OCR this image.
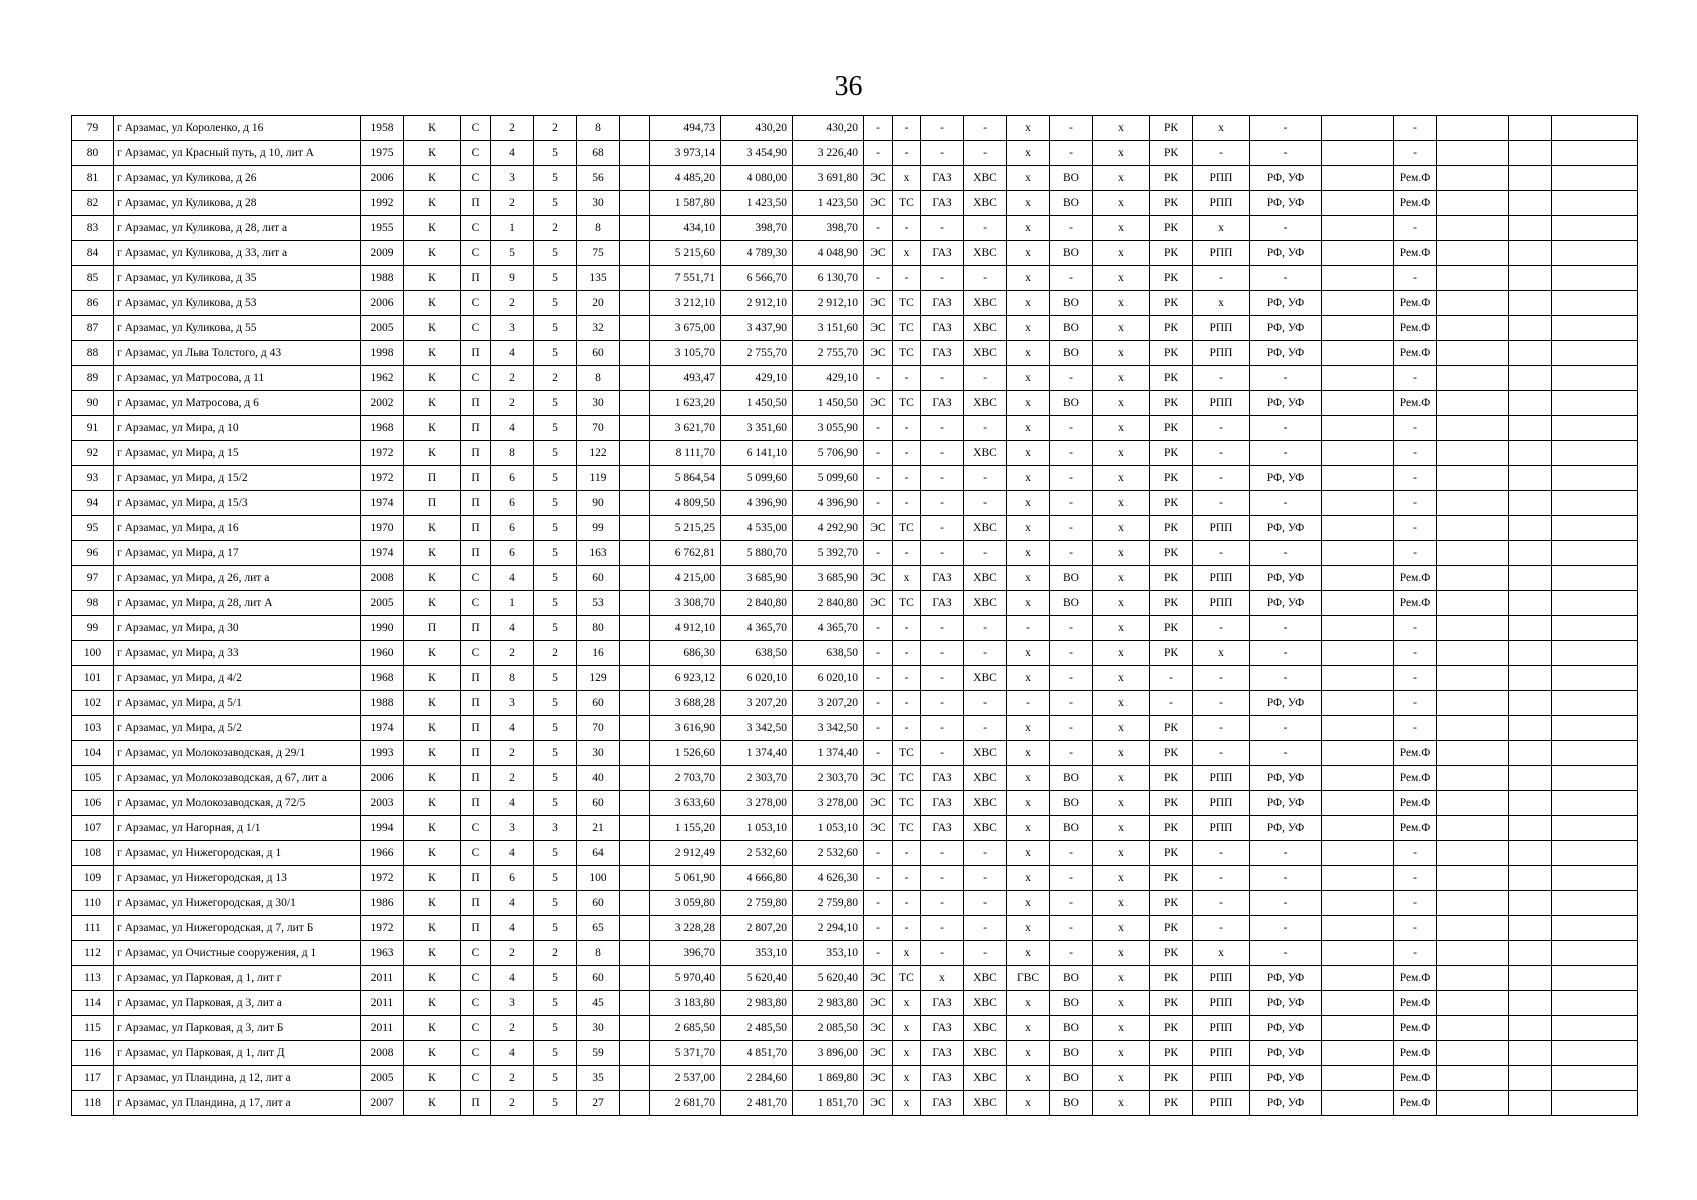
36
79	г Арзамас, ул Короленко, д 16	1958	К	С	2	2	8		494,73	430,20	430,20	-	-	-	-	х	-	х	РК	х	-		-			
80	г Арзамас, ул Красный путь, д 10, лит А	1975	К	С	4	5	68		3 973,14	3 454,90	3 226,40	-	-	-	-	х	-	х	РК	-	-		-			
81	г Арзамас, ул Куликова, д 26	2006	К	С	3	5	56		4 485,20	4 080,00	3 691,80	ЭС	х	ГАЗ	ХВС	х	ВО	х	РК	РПП	РФ, УФ		Рем.Ф			
82	г Арзамас, ул Куликова, д 28	1992	К	П	2	5	30		1 587,80	1 423,50	1 423,50	ЭС	ТС	ГАЗ	ХВС	х	ВО	х	РК	РПП	РФ, УФ		Рем.Ф			
83	г Арзамас, ул Куликова, д 28, лит а	1955	К	С	1	2	8		434,10	398,70	398,70	-	-	-	-	х	-	х	РК	х	-		-			
84	г Арзамас, ул Куликова, д 33, лит а	2009	К	С	5	5	75		5 215,60	4 789,30	4 048,90	ЭС	х	ГАЗ	ХВС	х	ВО	х	РК	РПП	РФ, УФ		Рем.Ф			
85	г Арзамас, ул Куликова, д 35	1988	К	П	9	5	135		7 551,71	6 566,70	6 130,70	-	-	-	-	х	-	х	РК	-	-		-			
86	г Арзамас, ул Куликова, д 53	2006	К	С	2	5	20		3 212,10	2 912,10	2 912,10	ЭС	ТС	ГАЗ	ХВС	х	ВО	х	РК	х	РФ, УФ		Рем.Ф			
87	г Арзамас, ул Куликова, д 55	2005	К	С	3	5	32		3 675,00	3 437,90	3 151,60	ЭС	ТС	ГАЗ	ХВС	х	ВО	х	РК	РПП	РФ, УФ		Рем.Ф			
88	г Арзамас, ул Льва Толстого, д 43	1998	К	П	4	5	60		3 105,70	2 755,70	2 755,70	ЭС	ТС	ГАЗ	ХВС	х	ВО	х	РК	РПП	РФ, УФ		Рем.Ф			
89	г Арзамас, ул Матросова, д 11	1962	К	С	2	2	8		493,47	429,10	429,10	-	-	-	-	х	-	х	РК	-	-		-			
90	г Арзамас, ул Матросова, д 6	2002	К	П	2	5	30		1 623,20	1 450,50	1 450,50	ЭС	ТС	ГАЗ	ХВС	х	ВО	х	РК	РПП	РФ, УФ		Рем.Ф			
91	г Арзамас, ул Мира, д 10	1968	К	П	4	5	70		3 621,70	3 351,60	3 055,90	-	-	-	-	х	-	х	РК	-	-		-			
92	г Арзамас, ул Мира, д 15	1972	К	П	8	5	122		8 111,70	6 141,10	5 706,90	-	-	-	ХВС	х	-	х	РК	-	-		-			
93	г Арзамас, ул Мира, д 15/2	1972	П	П	6	5	119		5 864,54	5 099,60	5 099,60	-	-	-	-	х	-	х	РК	-	РФ, УФ		-			
94	г Арзамас, ул Мира, д 15/3	1974	П	П	6	5	90		4 809,50	4 396,90	4 396,90	-	-	-	-	х	-	х	РК	-	-		-			
95	г Арзамас, ул Мира, д 16	1970	К	П	6	5	99		5 215,25	4 535,00	4 292,90	ЭС	ТС	-	ХВС	х	-	х	РК	РПП	РФ, УФ		-			
96	г Арзамас, ул Мира, д 17	1974	К	П	6	5	163		6 762,81	5 880,70	5 392,70	-	-	-	-	х	-	х	РК	-	-		-			
97	г Арзамас, ул Мира, д 26, лит а	2008	К	С	4	5	60		4 215,00	3 685,90	3 685,90	ЭС	х	ГАЗ	ХВС	х	ВО	х	РК	РПП	РФ, УФ		Рем.Ф			
98	г Арзамас, ул Мира, д 28, лит А	2005	К	С	1	5	53		3 308,70	2 840,80	2 840,80	ЭС	ТС	ГАЗ	ХВС	х	ВО	х	РК	РПП	РФ, УФ		Рем.Ф			
99	г Арзамас, ул Мира, д 30	1990	П	П	4	5	80		4 912,10	4 365,70	4 365,70	-	-	-	-	-	-	х	РК	-	-		-			
100	г Арзамас, ул Мира, д 33	1960	К	С	2	2	16		686,30	638,50	638,50	-	-	-	-	х	-	х	РК	х	-		-			
101	г Арзамас, ул Мира, д 4/2	1968	К	П	8	5	129		6 923,12	6 020,10	6 020,10	-	-	-	ХВС	х	-	х	-	-	-		-			
102	г Арзамас, ул Мира, д 5/1	1988	К	П	3	5	60		3 688,28	3 207,20	3 207,20	-	-	-	-	-	-	х	-	-	РФ, УФ		-			
103	г Арзамас, ул Мира, д 5/2	1974	К	П	4	5	70		3 616,90	3 342,50	3 342,50	-	-	-	-	х	-	х	РК	-	-		-			
104	г Арзамас, ул Молокозаводская, д 29/1	1993	К	П	2	5	30		1 526,60	1 374,40	1 374,40	-	ТС	-	ХВС	х	-	х	РК	-	-		Рем.Ф			
105	г Арзамас, ул Молокозаводская, д 67, лит а	2006	К	П	2	5	40		2 703,70	2 303,70	2 303,70	ЭС	ТС	ГАЗ	ХВС	х	ВО	х	РК	РПП	РФ, УФ		Рем.Ф			
106	г Арзамас, ул Молокозаводская, д 72/5	2003	К	П	4	5	60		3 633,60	3 278,00	3 278,00	ЭС	ТС	ГАЗ	ХВС	х	ВО	х	РК	РПП	РФ, УФ		Рем.Ф			
107	г Арзамас, ул Нагорная, д 1/1	1994	К	С	3	3	21		1 155,20	1 053,10	1 053,10	ЭС	ТС	ГАЗ	ХВС	х	ВО	х	РК	РПП	РФ, УФ		Рем.Ф			
108	г Арзамас, ул Нижегородская, д 1	1966	К	С	4	5	64		2 912,49	2 532,60	2 532,60	-	-	-	-	х	-	х	РК	-	-		-			
109	г Арзамас, ул Нижегородская, д 13	1972	К	П	6	5	100		5 061,90	4 666,80	4 626,30	-	-	-	-	х	-	х	РК	-	-		-			
110	г Арзамас, ул Нижегородская, д 30/1	1986	К	П	4	5	60		3 059,80	2 759,80	2 759,80	-	-	-	-	х	-	х	РК	-	-		-			
111	г Арзамас, ул Нижегородская, д 7, лит Б	1972	К	П	4	5	65		3 228,28	2 807,20	2 294,10	-	-	-	-	х	-	х	РК	-	-		-			
112	г Арзамас, ул Очистные сооружения, д 1	1963	К	С	2	2	8		396,70	353,10	353,10	-	х	-	-	х	-	х	РК	х	-		-			
113	г Арзамас, ул Парковая, д 1, лит г	2011	К	С	4	5	60		5 970,40	5 620,40	5 620,40	ЭС	ТС	х	ХВС	ГВС	ВО	х	РК	РПП	РФ, УФ		Рем.Ф			
114	г Арзамас, ул Парковая, д 3, лит а	2011	К	С	3	5	45		3 183,80	2 983,80	2 983,80	ЭС	х	ГАЗ	ХВС	х	ВО	х	РК	РПП	РФ, УФ		Рем.Ф			
115	г Арзамас, ул Парковая, д 3, лит Б	2011	К	С	2	5	30		2 685,50	2 485,50	2 085,50	ЭС	х	ГАЗ	ХВС	х	ВО	х	РК	РПП	РФ, УФ		Рем.Ф			
116	г Арзамас, ул Парковая, д 1, лит Д	2008	К	С	4	5	59		5 371,70	4 851,70	3 896,00	ЭС	х	ГАЗ	ХВС	х	ВО	х	РК	РПП	РФ, УФ		Рем.Ф			
117	г Арзамас, ул Пландина, д 12, лит а	2005	К	С	2	5	35		2 537,00	2 284,60	1 869,80	ЭС	х	ГАЗ	ХВС	х	ВО	х	РК	РПП	РФ, УФ		Рем.Ф			
118	г Арзамас, ул Пландина, д 17, лит а	2007	К	П	2	5	27		2 681,70	2 481,70	1 851,70	ЭС	х	ГАЗ	ХВС	х	ВО	х	РК	РПП	РФ, УФ		Рем.Ф			
